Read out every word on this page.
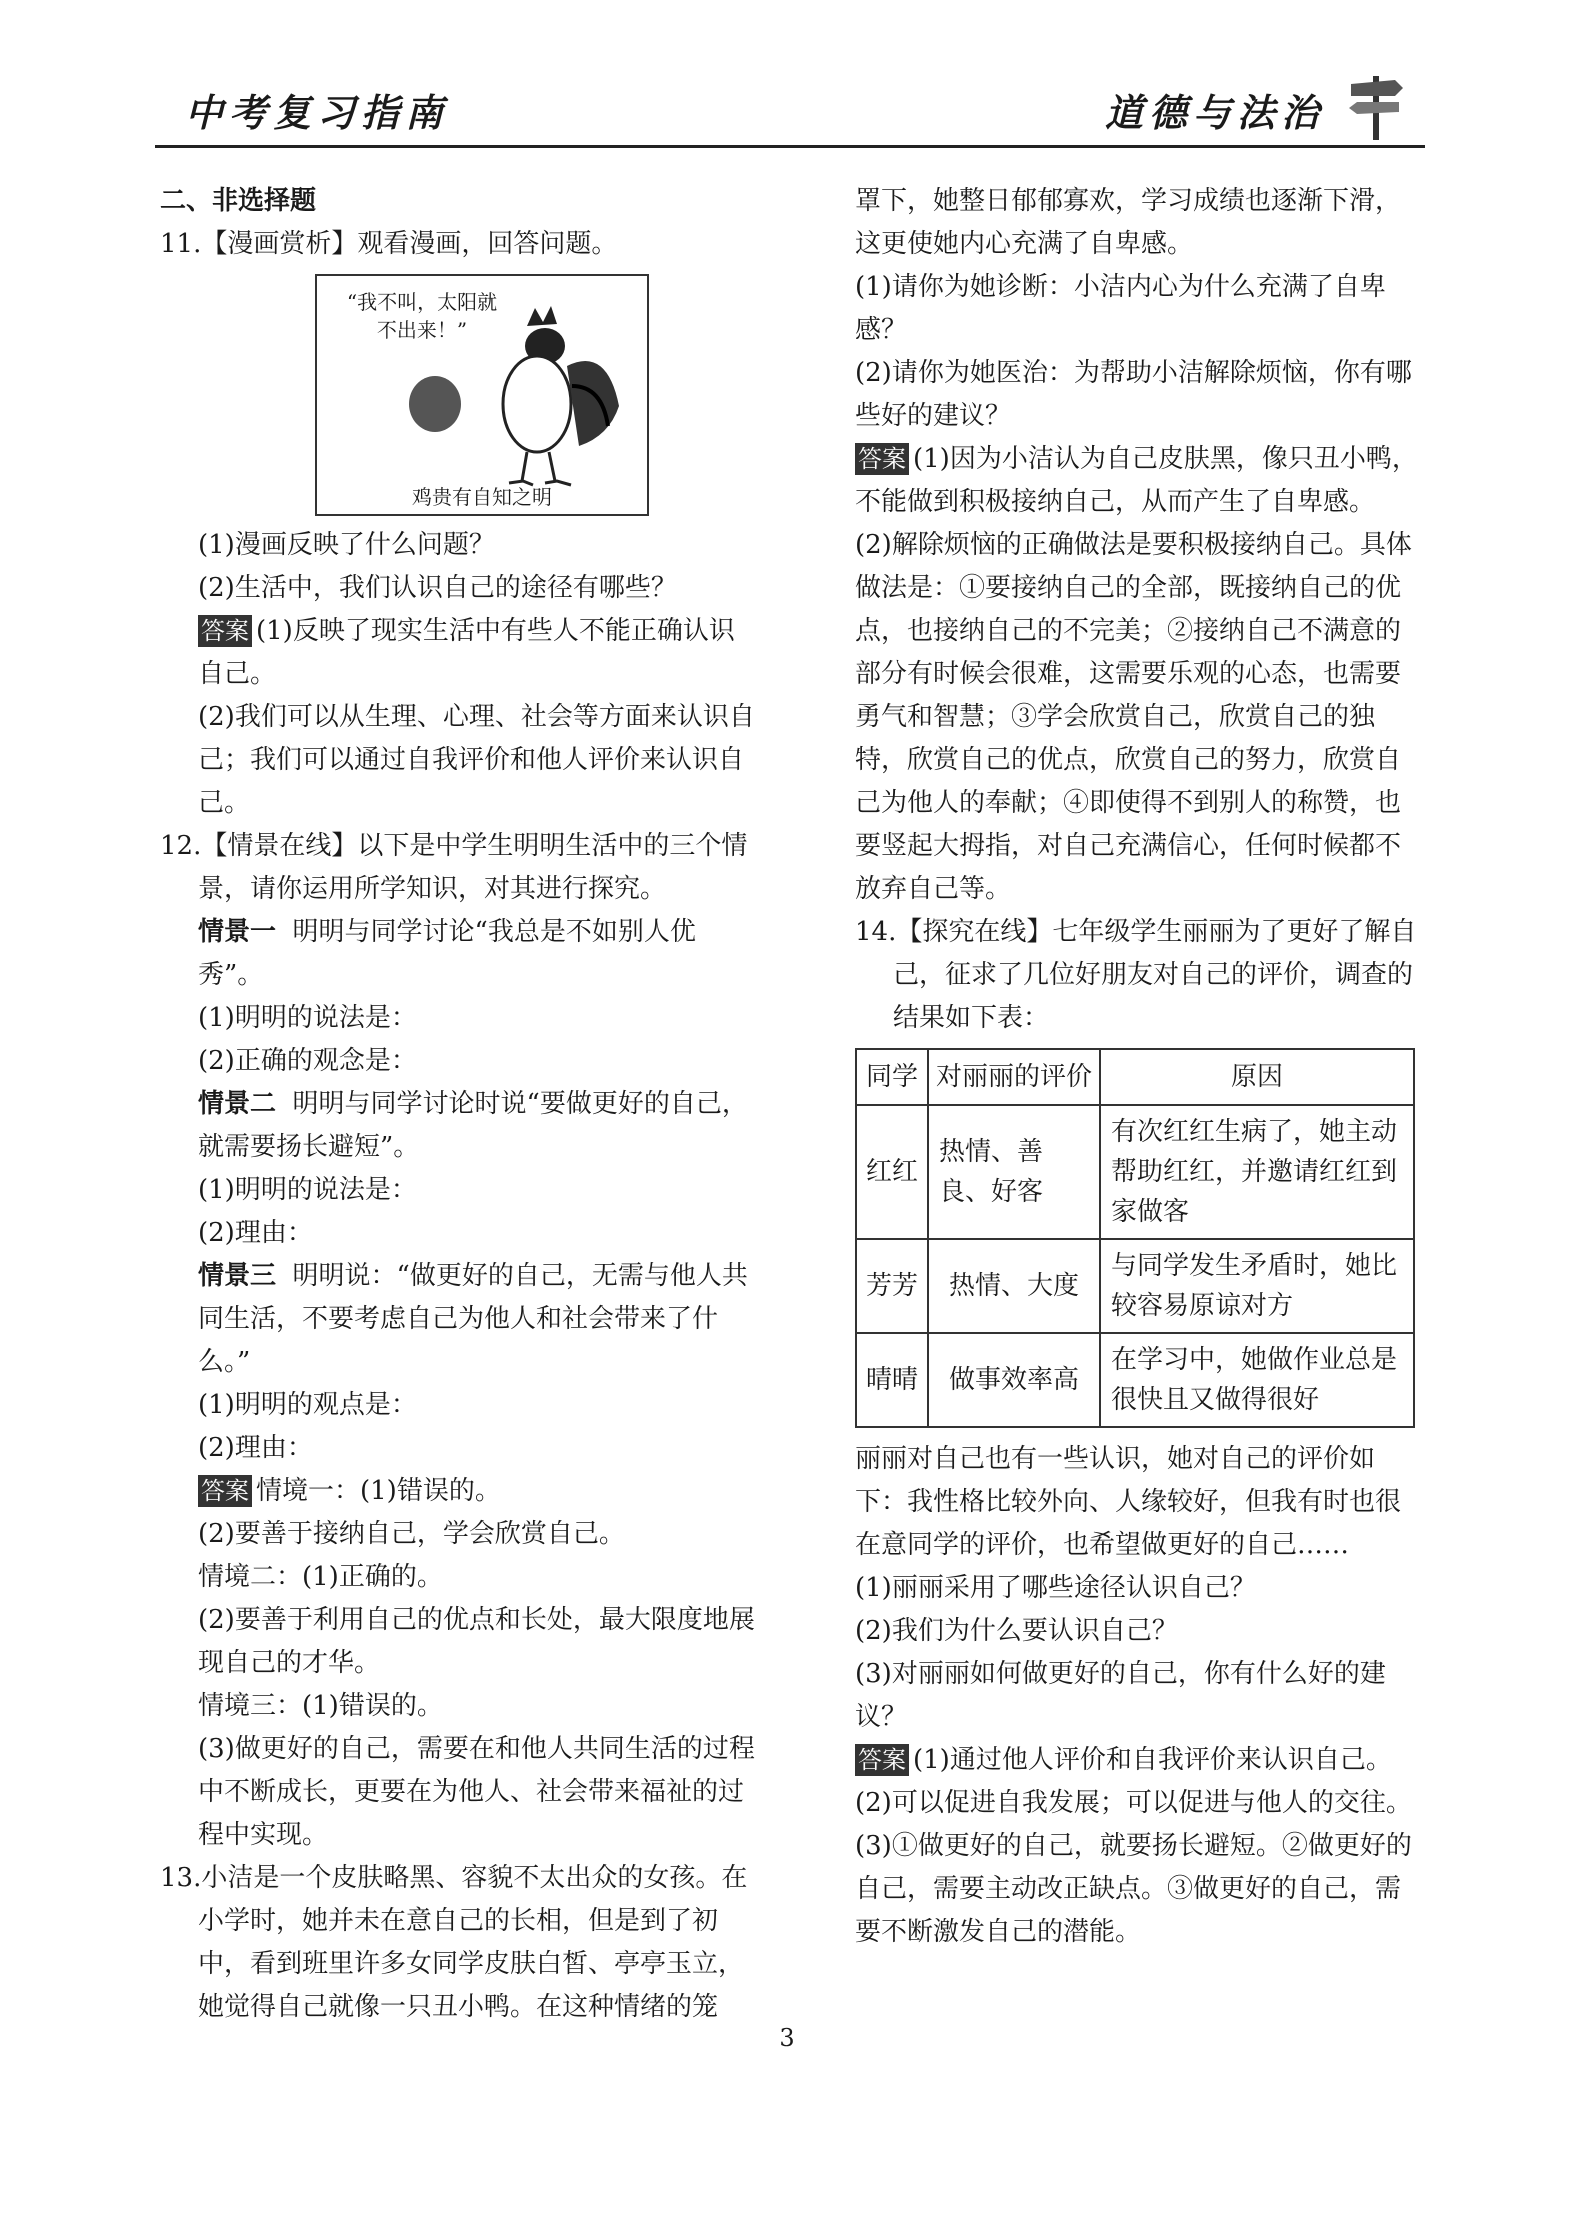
中考复习指南	道德与法治

二、非选择题

11.【漫画赏析】观看漫画，回答问题。

“我不叫，太阳就不出来！”
鸡贵有自知之明

(1)漫画反映了什么问题？

(2)生活中，我们认识自己的途径有哪些？

答案 (1)反映了现实生活中有些人不能正确认识自己。

(2)我们可以从生理、心理、社会等方面来认识自己；我们可以通过自我评价和他人评价来认识自己。

12.【情景在线】以下是中学生明明生活中的三个情景，请你运用所学知识，对其进行探究。

情景一 明明与同学讨论“我总是不如别人优秀”。

(1)明明的说法是：

(2)正确的观念是：

情景二 明明与同学讨论时说“要做更好的自己，就需要扬长避短”。

(1)明明的说法是：

(2)理由：

情景三 明明说：“做更好的自己，无需与他人共同生活，不要考虑自己为他人和社会带来了什么。”

(1)明明的观点是：

(2)理由：

答案 情境一：(1)错误的。

(2)要善于接纳自己，学会欣赏自己。

情境二：(1)正确的。

(2)要善于利用自己的优点和长处，最大限度地展现自己的才华。

情境三：(1)错误的。

(3)做更好的自己，需要在和他人共同生活的过程中不断成长，更要在为他人、社会带来福祉的过程中实现。

13.小洁是一个皮肤略黑、容貌不太出众的女孩。在小学时，她并未在意自己的长相，但是到了初中，看到班里许多女同学皮肤白皙、亭亭玉立，她觉得自己就像一只丑小鸭。在这种情绪的笼

罩下，她整日郁郁寡欢，学习成绩也逐渐下滑，这更使她内心充满了自卑感。

(1)请你为她诊断：小洁内心为什么充满了自卑感？

(2)请你为她医治：为帮助小洁解除烦恼，你有哪些好的建议？

答案 (1)因为小洁认为自己皮肤黑，像只丑小鸭，不能做到积极接纳自己，从而产生了自卑感。

(2)解除烦恼的正确做法是要积极接纳自己。具体做法是：①要接纳自己的全部，既接纳自己的优点，也接纳自己的不完美；②接纳自己不满意的部分有时候会很难，这需要乐观的心态，也需要勇气和智慧；③学会欣赏自己，欣赏自己的独特，欣赏自己的优点，欣赏自己的努力，欣赏自己为他人的奉献；④即使得不到别人的称赞，也要竖起大拇指，对自己充满信心，任何时候都不放弃自己等。

14.【探究在线】七年级学生丽丽为了更好了解自己，征求了几位好朋友对自己的评价，调查的结果如下表：

同学	对丽丽的评价	原因
红红	热情、善良、好客	有次红红生病了，她主动帮助红红，并邀请红红到家做客
芳芳	热情、大度	与同学发生矛盾时，她比较容易原谅对方
晴晴	做事效率高	在学习中，她做作业总是很快且又做得很好

丽丽对自己也有一些认识，她对自己的评价如下：我性格比较外向、人缘较好，但我有时也很在意同学的评价，也希望做更好的自己……

(1)丽丽采用了哪些途径认识自己？

(2)我们为什么要认识自己？

(3)对丽丽如何做更好的自己，你有什么好的建议？

答案 (1)通过他人评价和自我评价来认识自己。

(2)可以促进自我发展；可以促进与他人的交往。

(3)①做更好的自己，就要扬长避短。②做更好的自己，需要主动改正缺点。③做更好的自己，需要不断激发自己的潜能。

3
